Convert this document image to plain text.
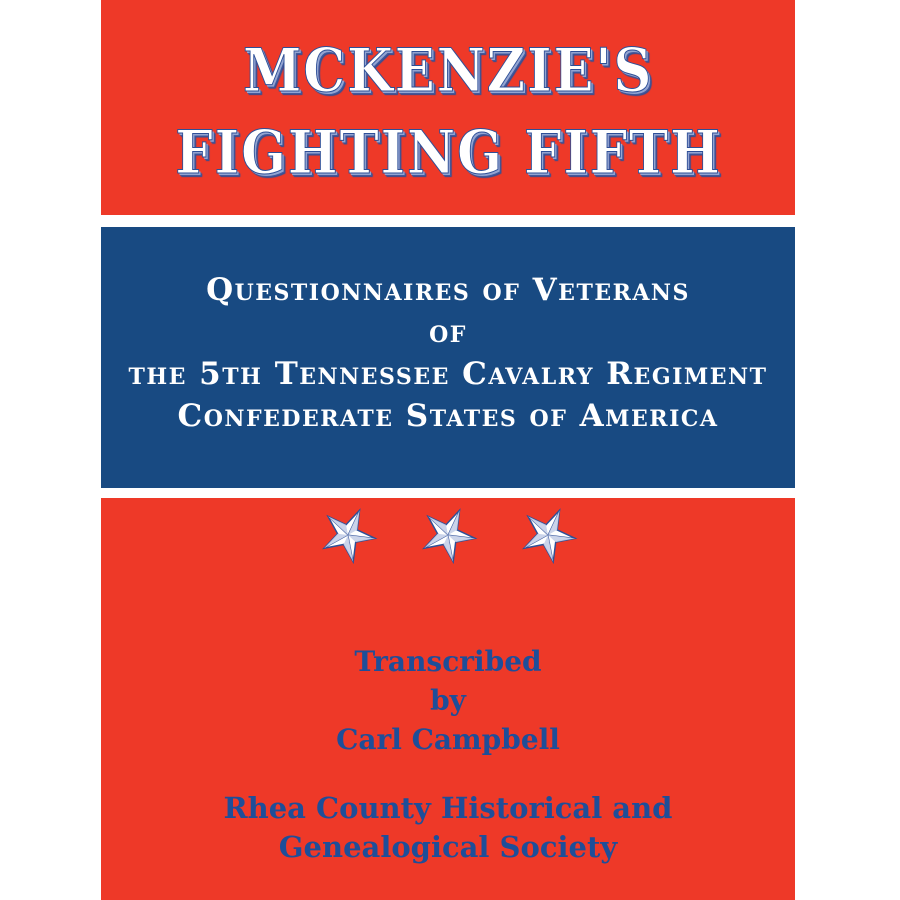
MCKENZIE'S
FIGHTING FIFTH
Questionnaires of Veterans
of
the 5th Tennessee Cavalry Regiment
Confederate States of America
Transcribed
by
Carl Campbell
Rhea County Historical and
Genealogical Society
